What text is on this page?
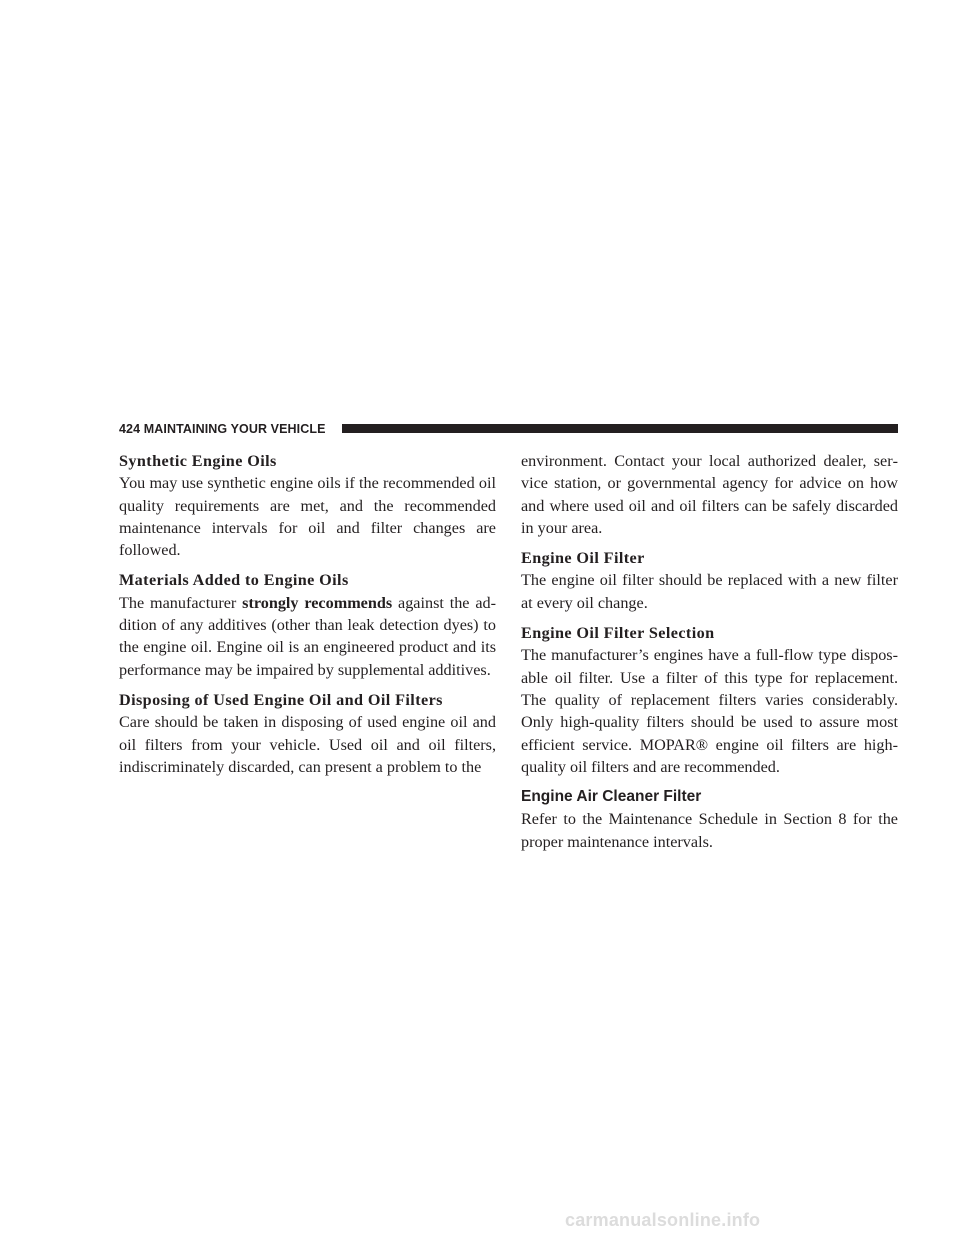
424 MAINTAINING YOUR VEHICLE
Synthetic Engine Oils

You may use synthetic engine oils if the recommended oil quality requirements are met, and the recommended maintenance intervals for oil and filter changes are followed.

Materials Added to Engine Oils

The manufacturer strongly recommends against the addition of any additives (other than leak detection dyes) to the engine oil. Engine oil is an engineered product and its performance may be impaired by supplemental additives.

Disposing of Used Engine Oil and Oil Filters

Care should be taken in disposing of used engine oil and oil filters from your vehicle. Used oil and oil filters, indiscriminately discarded, can present a problem to the

environment. Contact your local authorized dealer, service station, or governmental agency for advice on how and where used oil and oil filters can be safely discarded in your area.

Engine Oil Filter

The engine oil filter should be replaced with a new filter at every oil change.

Engine Oil Filter Selection

The manufacturer’s engines have a full-flow type disposable oil filter. Use a filter of this type for replacement. The quality of replacement filters varies considerably. Only high-quality filters should be used to assure most efficient service. MOPAR® engine oil filters are high-quality oil filters and are recommended.

Engine Air Cleaner Filter

Refer to the Maintenance Schedule in Section 8 for the proper maintenance intervals.

carmanualsonline.info
